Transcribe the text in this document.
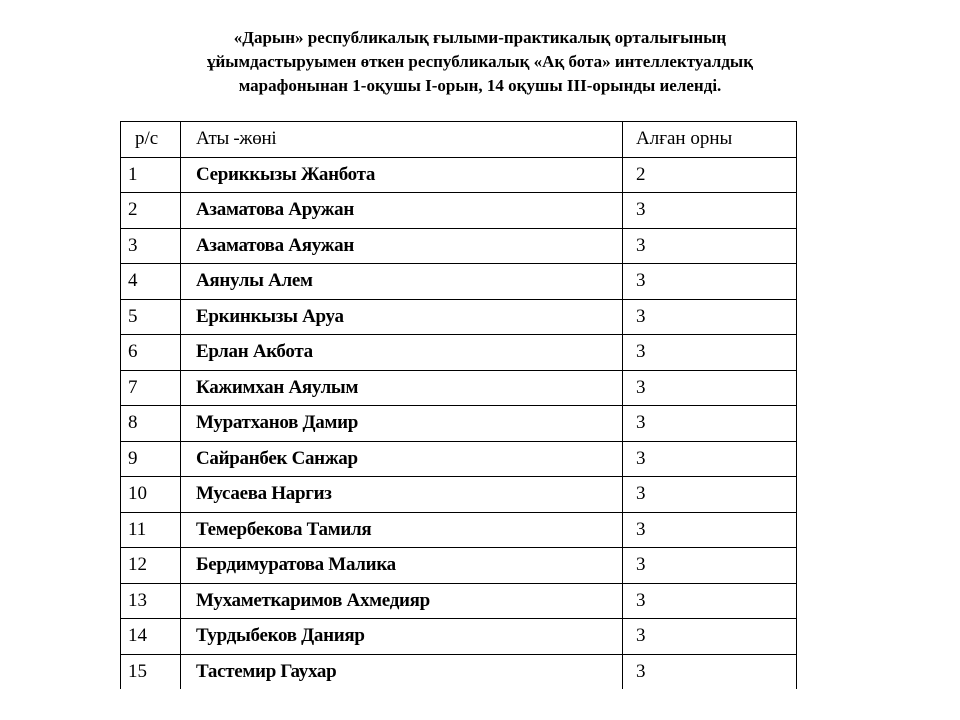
«Дарын» республикалық ғылыми-практикалық орталығының
ұйымдастыруымен өткен республикалық «Ақ бота» интеллектуалдық
марафонынан 1-оқушы І-орын, 14 оқушы ІІІ-орынды иеленді.
р/с	Аты -жөні	Алған орны
1	Сериккызы Жанбота	2
2	Азаматова Аружан	3
3	Азаматова Аяужан	3
4	Аянулы Алем	3
5	Еркинкызы Аруа	3
6	Ерлан Акбота	3
7	Кажимхан Аяулым	3
8	Муратханов Дамир	3
9	Сайранбек Санжар	3
10	Мусаева Наргиз	3
11	Темербекова Тамиля	3
12	Бердимуратова Малика	3
13	Мухаметкаримов Ахмедияр	3
14	Турдыбеков Данияр	3
15	Тастемир Гаухар	3
